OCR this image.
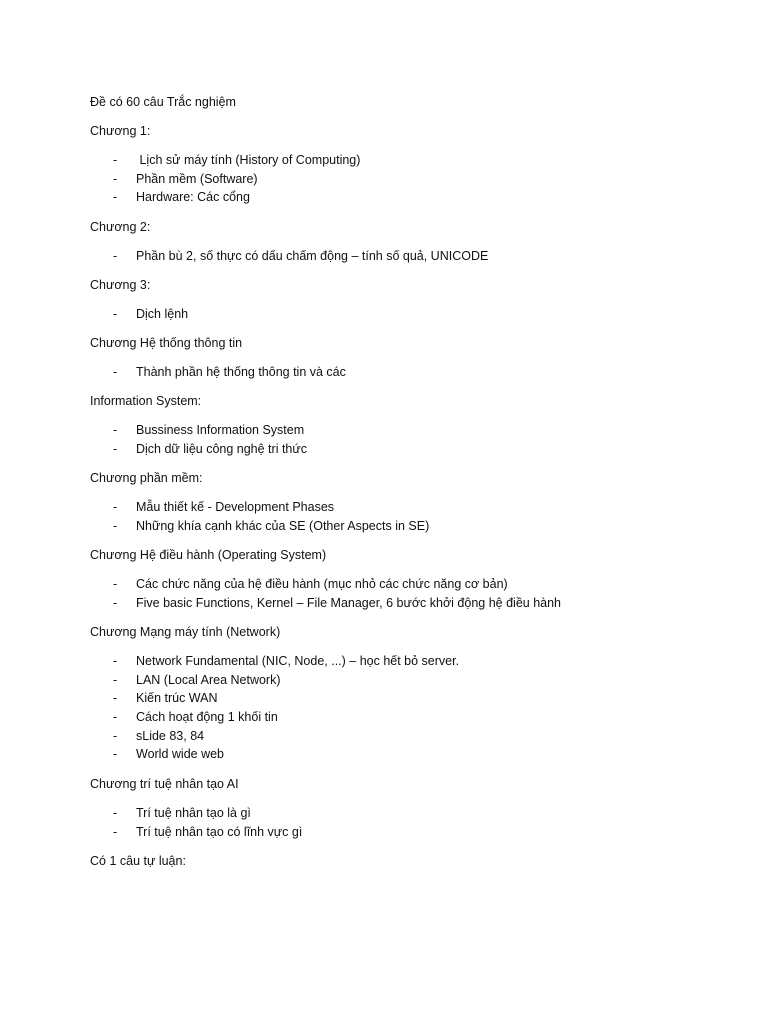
Đề có 60 câu Trắc nghiệm
Chương 1:
- Lịch sử máy tính (History of Computing)
- Phần mềm (Software)
- Hardware: Các cổng
Chương 2:
- Phần bù 2, số thực có dấu chấm động – tính số quả, UNICODE
Chương 3:
- Dịch lệnh
Chương Hệ thống thông tin
- Thành phần hệ thống thông tin và các
Information System:
- Bussiness Information System
- Dịch dữ liệu công nghệ tri thức
Chương phần mềm:
- Mẫu thiết kế - Development Phases
- Những khía cạnh khác của SE (Other Aspects in SE)
Chương Hệ điều hành (Operating System)
- Các chức năng của hệ điều hành (mục nhỏ các chức năng cơ bản)
- Five basic Functions, Kernel – File Manager, 6 bước khởi động hệ điều hành
Chương Mạng máy tính (Network)
- Network Fundamental (NIC, Node, ...) – học hết bỏ server.
- LAN (Local Area Network)
- Kiến trúc WAN
- Cách hoạt động 1 khối tin
- sLide 83, 84
- World wide web
Chương trí tuệ nhân tạo AI
- Trí tuệ nhân tạo là gì
- Trí tuệ nhân tạo có lĩnh vực gì
Có 1 câu tự luận:
